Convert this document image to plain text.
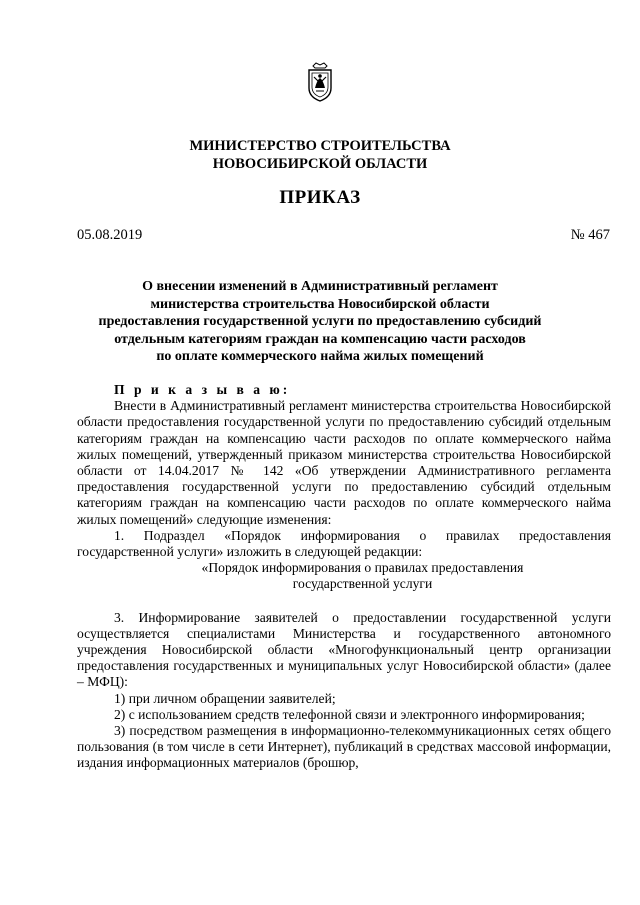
МИНИСТЕРСТВО СТРОИТЕЛЬСТВА
НОВОСИБИРСКОЙ ОБЛАСТИ
ПРИКАЗ
05.08.2019	№ 467
О внесении изменений в Административный регламент
министерства строительства Новосибирской области
предоставления государственной услуги по предоставлению субсидий
отдельным категориям граждан на компенсацию части расходов
по оплате коммерческого найма жилых помещений

П р и к а з ы в а ю:

Внести в Административный регламент министерства строительства Новосибирской области предоставления государственной услуги по предоставлению субсидий отдельным категориям граждан на компенсацию части расходов по оплате коммерческого найма жилых помещений, утвержденный приказом министерства строительства Новосибирской области от 14.04.2017 № 142 «Об утверждении Административного регламента предоставления государственной услуги по предоставлению субсидий отдельным категориям граждан на компенсацию части расходов по оплате коммерческого найма жилых помещений» следующие изменения:

1. Подраздел «Порядок информирования о правилах предоставления государственной услуги» изложить в следующей редакции:

«Порядок информирования о правилах предоставления

государственной услуги

3. Информирование заявителей о предоставлении государственной услуги осуществляется специалистами Министерства и государственного автономного учреждения Новосибирской области «Многофункциональный центр организации предоставления государственных и муниципальных услуг Новосибирской области» (далее – МФЦ):

1) при личном обращении заявителей;

2) с использованием средств телефонной связи и электронного информирования;

3) посредством размещения в информационно-телекоммуникационных сетях общего пользования (в том числе в сети Интернет), публикаций в средствах массовой информации, издания информационных материалов (брошюр,
